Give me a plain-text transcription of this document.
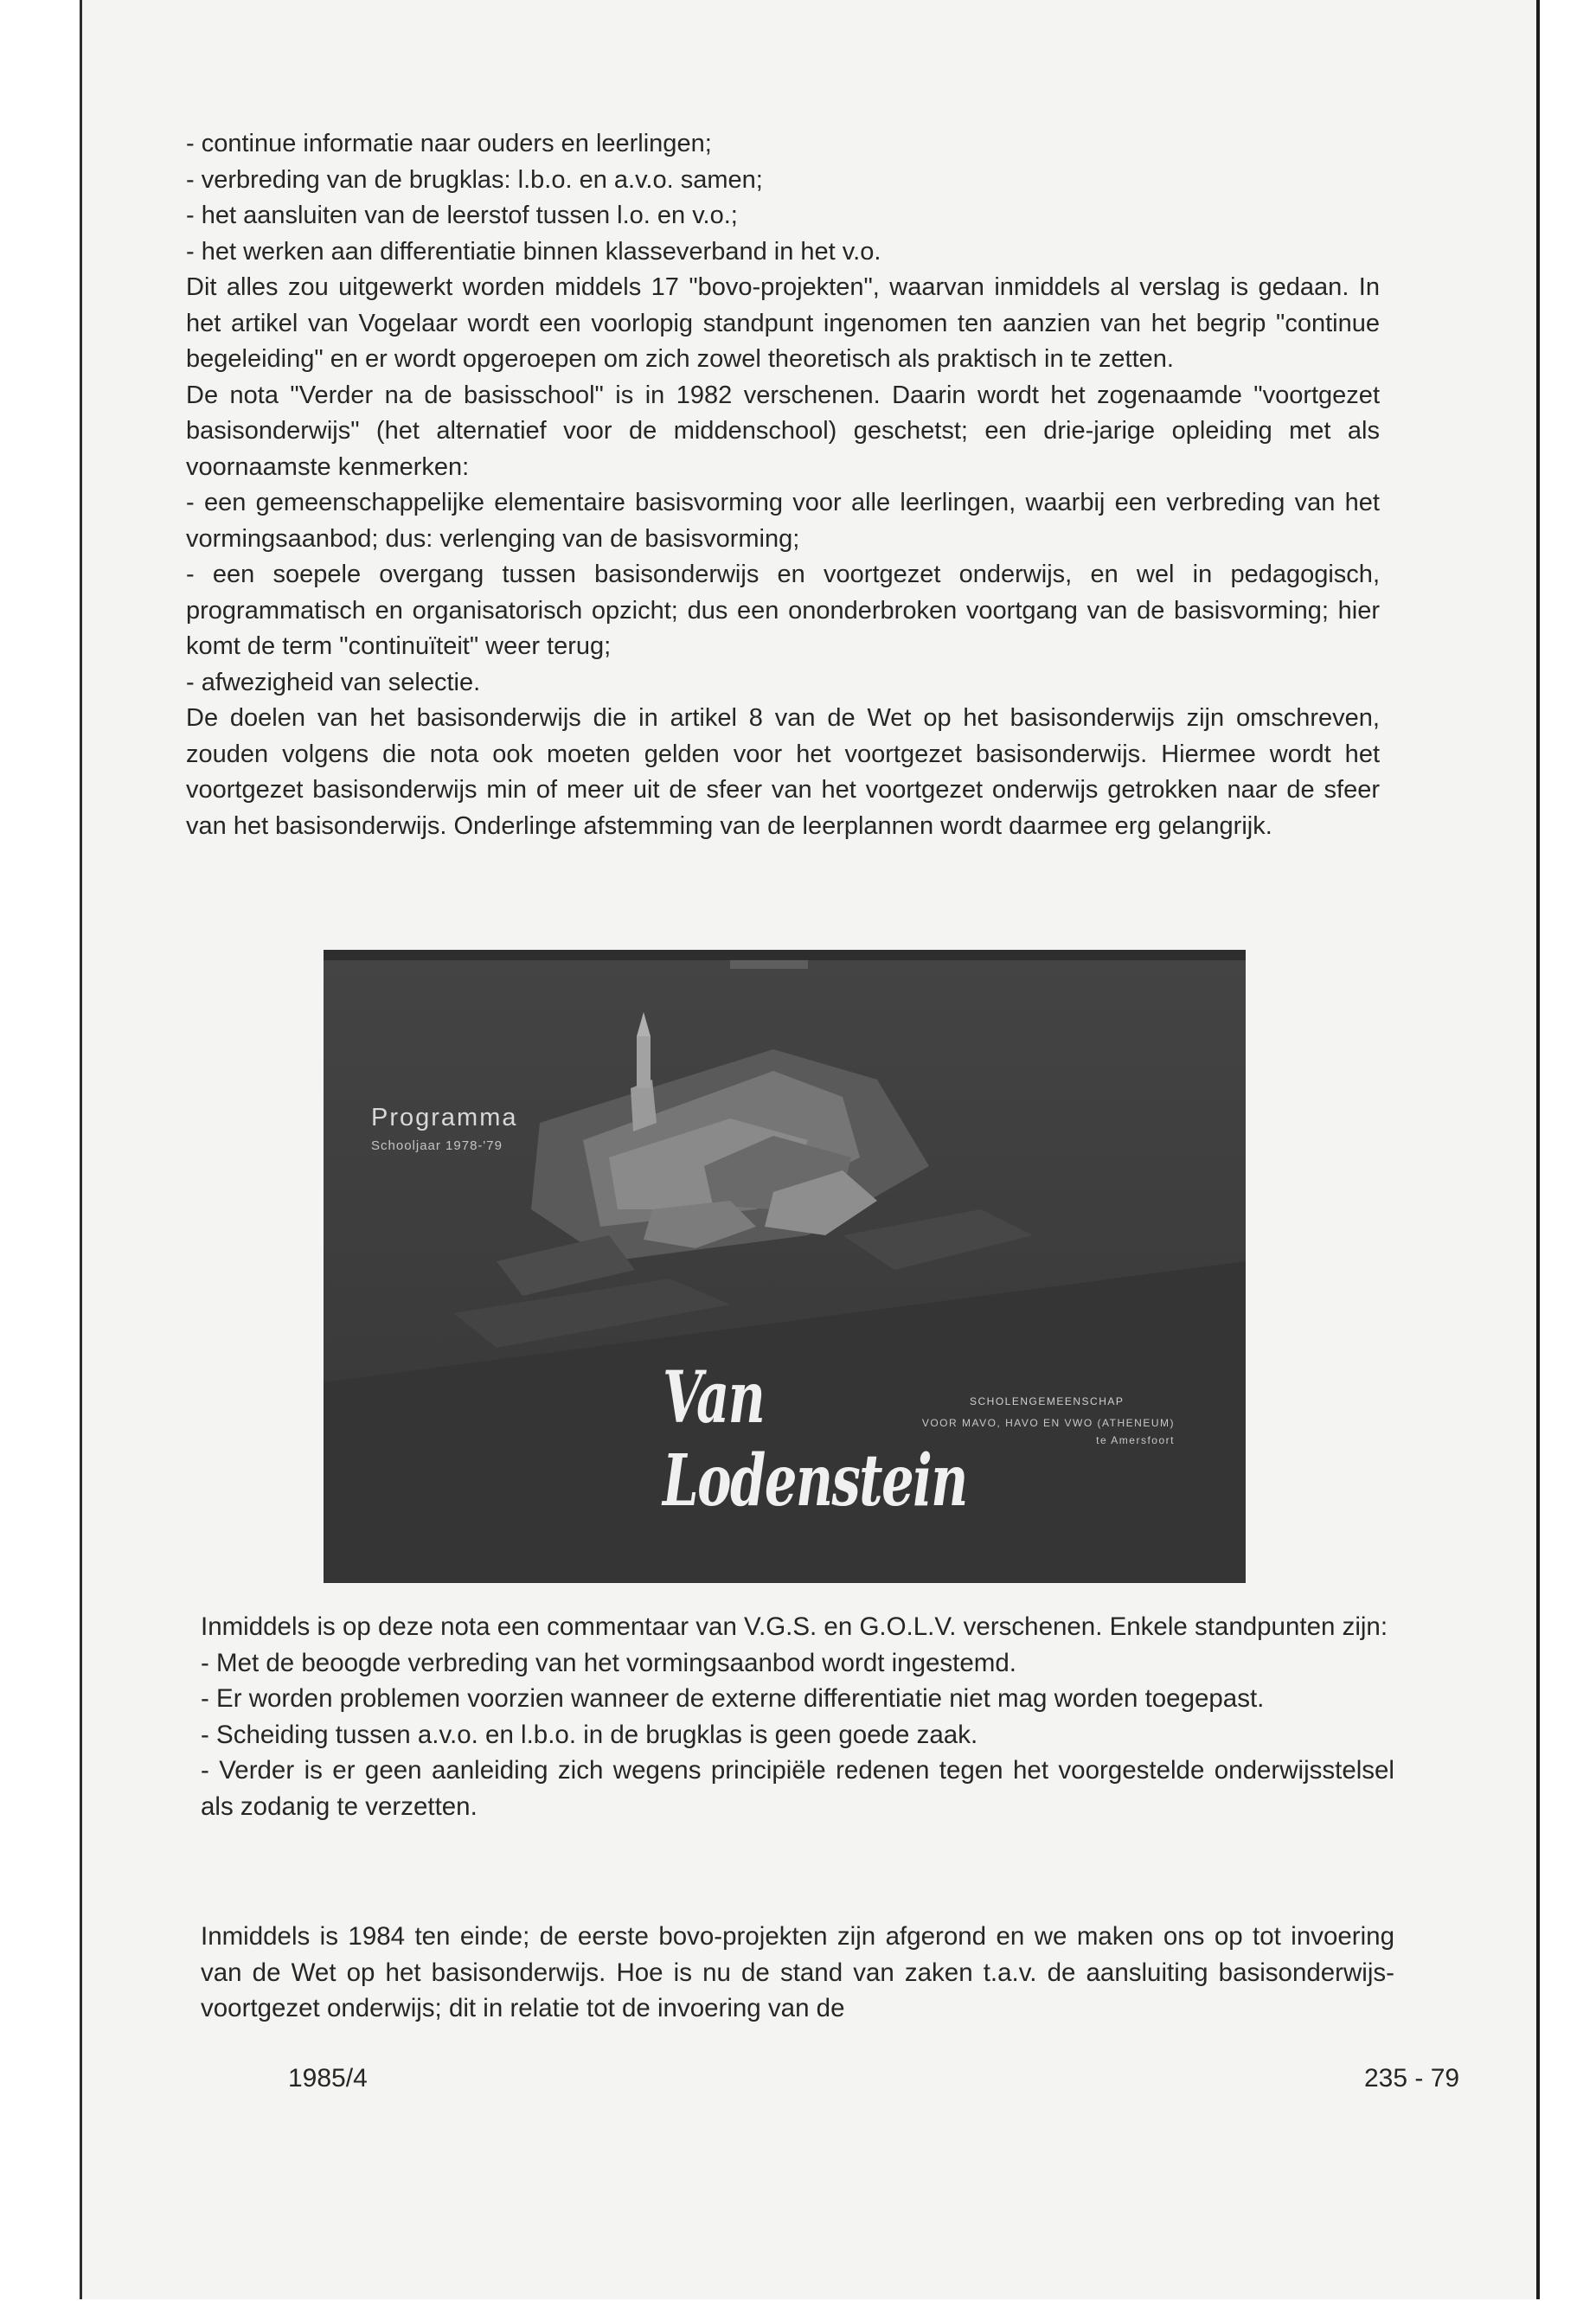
- continue informatie naar ouders en leerlingen;

- verbreding van de brugklas: l.b.o. en a.v.o. samen;

- het aansluiten van de leerstof tussen l.o. en v.o.;

- het werken aan differentiatie binnen klasseverband in het v.o.

Dit alles zou uitgewerkt worden middels 17 "bovo-projekten", waarvan inmiddels al verslag is gedaan. In het artikel van Vogelaar wordt een voorlopig standpunt ingenomen ten aanzien van het begrip "continue begeleiding" en er wordt opgeroepen om zich zowel theoretisch als praktisch in te zetten.

De nota "Verder na de basisschool" is in 1982 verschenen. Daarin wordt het zogenaamde "voortgezet basisonderwijs" (het alternatief voor de middenschool) geschetst; een drie-jarige opleiding met als voornaamste kenmerken:

- een gemeenschappelijke elementaire basisvorming voor alle leerlingen, waarbij een verbreding van het vormingsaanbod; dus: verlenging van de basisvorming;

- een soepele overgang tussen basisonderwijs en voortgezet onderwijs, en wel in pedagogisch, programmatisch en organisatorisch opzicht; dus een ononderbroken voortgang van de basisvorming; hier komt de term "continuïteit" weer terug;

- afwezigheid van selectie.

De doelen van het basisonderwijs die in artikel 8 van de Wet op het basisonderwijs zijn omschreven, zouden volgens die nota ook moeten gelden voor het voortgezet basisonderwijs. Hiermee wordt het voortgezet basisonderwijs min of meer uit de sfeer van het voortgezet onderwijs getrokken naar de sfeer van het basisonderwijs. Onderlinge afstemming van de leerplannen wordt daarmee erg gelangrijk.

Programma
Schooljaar 1978-'79
Van Lodenstein
SCHOLENGEMEENSCHAP
VOOR MAVO, HAVO EN VWO (ATHENEUM)
te Amersfoort

Inmiddels is op deze nota een commentaar van V.G.S. en G.O.L.V. verschenen. Enkele standpunten zijn:

- Met de beoogde verbreding van het vormingsaanbod wordt ingestemd.

- Er worden problemen voorzien wanneer de externe differentiatie niet mag worden toegepast.

- Scheiding tussen a.v.o. en l.b.o. in de brugklas is geen goede zaak.

- Verder is er geen aanleiding zich wegens principiële redenen tegen het voorgestelde onderwijsstelsel als zodanig te verzetten.

Inmiddels is 1984 ten einde; de eerste bovo-projekten zijn afgerond en we maken ons op tot invoering van de Wet op het basisonderwijs. Hoe is nu de stand van zaken t.a.v. de aansluiting basisonderwijs-voortgezet onderwijs; dit in relatie tot de invoering van de

1985/4	235 - 79
